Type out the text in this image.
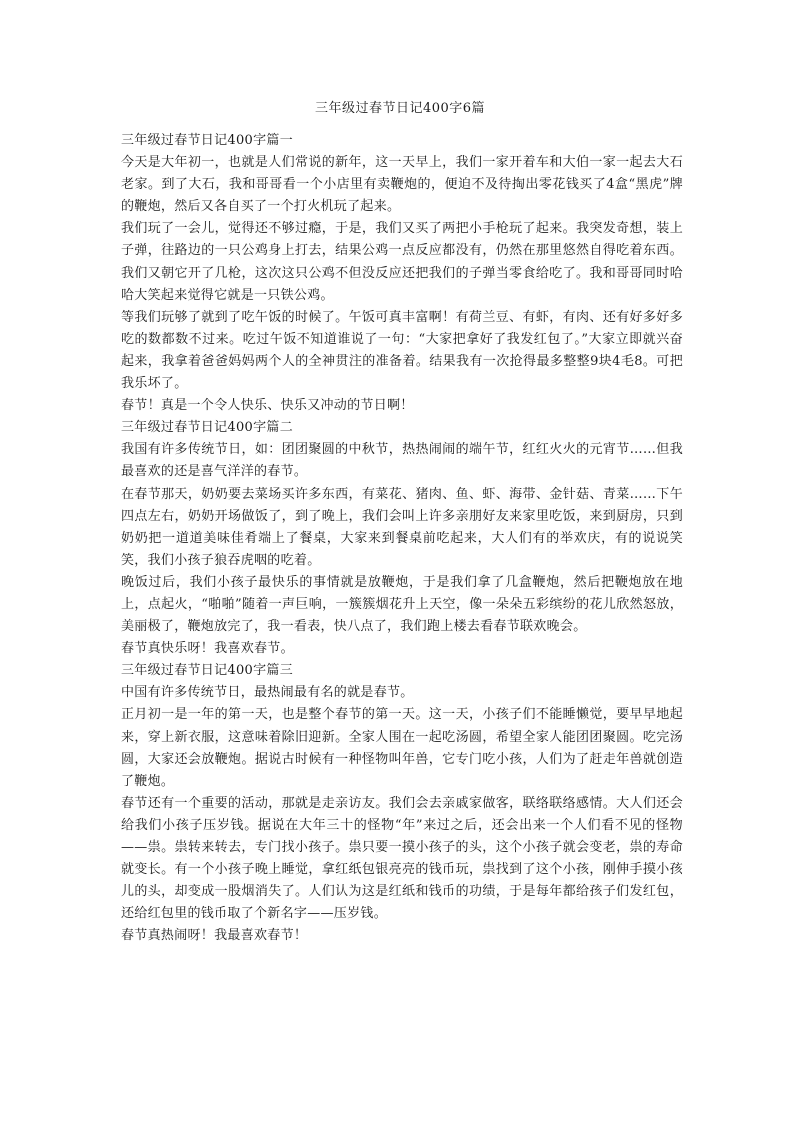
三年级过春节日记400字6篇

三年级过春节日记400字篇一

今天是大年初一，也就是人们常说的新年，这一天早上，我们一家开着车和大伯一家一起去大石老家。到了大石，我和哥哥看一个小店里有卖鞭炮的，便迫不及待掏出零花钱买了4盒“黑虎”牌的鞭炮，然后又各自买了一个打火机玩了起来。

我们玩了一会儿，觉得还不够过瘾，于是，我们又买了两把小手枪玩了起来。我突发奇想，装上子弹，往路边的一只公鸡身上打去，结果公鸡一点反应都没有，仍然在那里悠然自得吃着东西。我们又朝它开了几枪，这次这只公鸡不但没反应还把我们的子弹当零食给吃了。我和哥哥同时哈哈大笑起来觉得它就是一只铁公鸡。

等我们玩够了就到了吃午饭的时候了。午饭可真丰富啊！有荷兰豆、有虾，有肉、还有好多好多吃的数都数不过来。吃过午饭不知道谁说了一句：“大家把拿好了我发红包了。”大家立即就兴奋起来，我拿着爸爸妈妈两个人的全神贯注的准备着。结果我有一次抢得最多整整9块4毛8。可把我乐坏了。

春节！真是一个令人快乐、快乐又冲动的节日啊！

三年级过春节日记400字篇二

我国有许多传统节日，如：团团聚圆的中秋节，热热闹闹的端午节，红红火火的元宵节……但我最喜欢的还是喜气洋洋的春节。

在春节那天，奶奶要去菜场买许多东西，有菜花、猪肉、鱼、虾、海带、金针菇、青菜……下午四点左右，奶奶开场做饭了，到了晚上，我们会叫上许多亲朋好友来家里吃饭，来到厨房，只到奶奶把一道道美味佳肴端上了餐桌，大家来到餐桌前吃起来，大人们有的举欢庆，有的说说笑笑，我们小孩子狼吞虎咽的吃着。

晚饭过后，我们小孩子最快乐的事情就是放鞭炮，于是我们拿了几盒鞭炮，然后把鞭炮放在地上，点起火，“啪啪”随着一声巨响，一簇簇烟花升上天空，像一朵朵五彩缤纷的花儿欣然怒放，美丽极了，鞭炮放完了，我一看表，快八点了，我们跑上楼去看春节联欢晚会。

春节真快乐呀！我喜欢春节。

三年级过春节日记400字篇三

中国有许多传统节日，最热闹最有名的就是春节。

正月初一是一年的第一天，也是整个春节的第一天。这一天，小孩子们不能睡懒觉，要早早地起来，穿上新衣服，这意味着除旧迎新。全家人围在一起吃汤圆，希望全家人能团团聚圆。吃完汤圆，大家还会放鞭炮。据说古时候有一种怪物叫年兽，它专门吃小孩，人们为了赶走年兽就创造了鞭炮。

春节还有一个重要的活动，那就是走亲访友。我们会去亲戚家做客，联络联络感情。大人们还会给我们小孩子压岁钱。据说在大年三十的怪物“年”来过之后，还会出来一个人们看不见的怪物——祟。祟转来转去，专门找小孩子。祟只要一摸小孩子的头，这个小孩子就会变老，祟的寿命就变长。有一个小孩子晚上睡觉，拿红纸包银亮亮的钱币玩，祟找到了这个小孩，刚伸手摸小孩儿的头，却变成一股烟消失了。人们认为这是红纸和钱币的功绩，于是每年都给孩子们发红包，还给红包里的钱币取了个新名字——压岁钱。

春节真热闹呀！我最喜欢春节！
